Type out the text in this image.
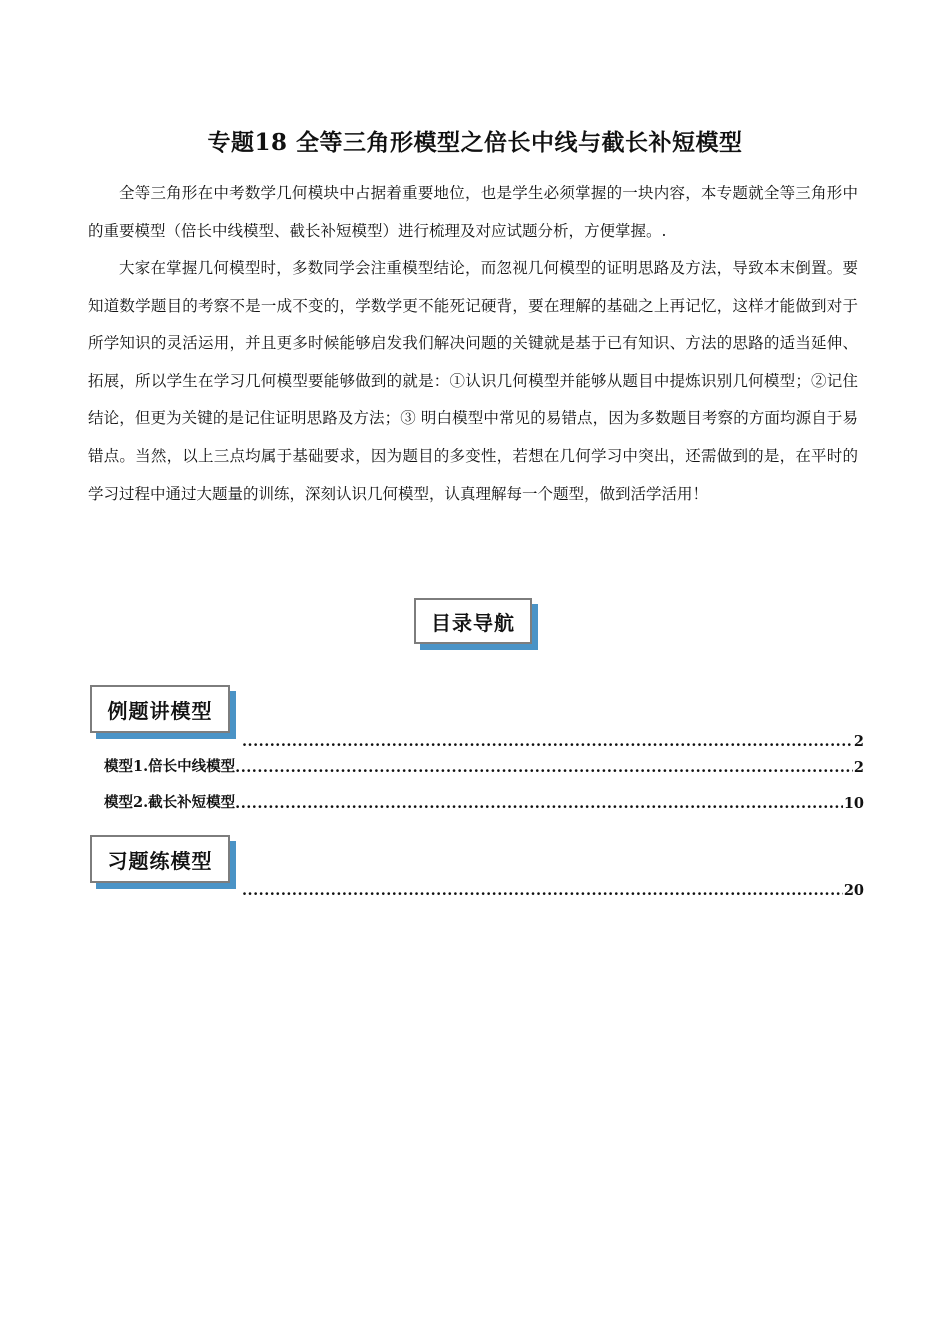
专题18 全等三角形模型之倍长中线与截长补短模型

全等三角形在中考数学几何模块中占据着重要地位，也是学生必须掌握的一块内容，本专题就全等三角形中的重要模型（倍长中线模型、截长补短模型）进行梳理及对应试题分析，方便掌握。.

大家在掌握几何模型时，多数同学会注重模型结论，而忽视几何模型的证明思路及方法，导致本末倒置。要知道数学题目的考察不是一成不变的，学数学更不能死记硬背，要在理解的基础之上再记忆，这样才能做到对于所学知识的灵活运用，并且更多时候能够启发我们解决问题的关键就是基于已有知识、方法的思路的适当延伸、拓展，所以学生在学习几何模型要能够做到的就是：①认识几何模型并能够从题目中提炼识别几何模型；②记住结论，但更为关键的是记住证明思路及方法；③ 明白模型中常见的易错点，因为多数题目考察的方面均源自于易错点。当然，以上三点均属于基础要求，因为题目的多变性，若想在几何学习中突出，还需做到的是，在平时的学习过程中通过大题量的训练，深刻认识几何模型，认真理解每一个题型，做到活学活用！

目录导航
例题讲模型
.....
2
模型1.倍长中线模型 .....	2
模型2.截长补短模型 .....	10
习题练模型
.....
20
